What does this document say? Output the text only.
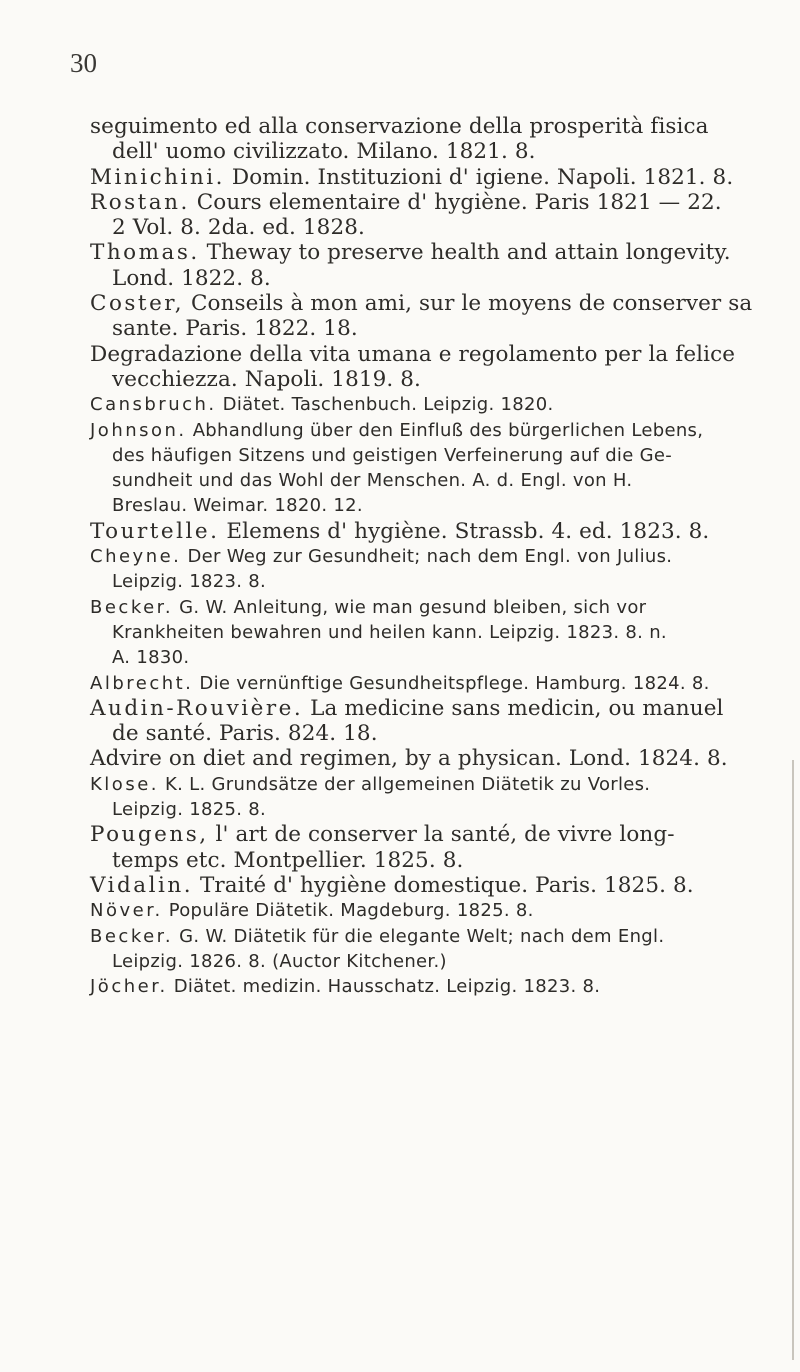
30
seguimento ed alla conservazione della prosperità fisica
dell' uomo civilizzato. Milano. 1821. 8.
Minichini. Domin. Instituzioni d' igiene. Napoli. 1821. 8.
Rostan. Cours elementaire d' hygiène. Paris 1821 — 22.
2 Vol. 8. 2da. ed. 1828.
Thomas. Theway to preserve health and attain longevity.
Lond. 1822. 8.
Coster, Conseils à mon ami, sur le moyens de conserver sa
sante. Paris. 1822. 18.
Degradazione della vita umana e regolamento per la felice
vecchiezza. Napoli. 1819. 8.
Cansbruch. Diätet. Taschenbuch. Leipzig. 1820.
Johnson. Abhandlung über den Einfluß des bürgerlichen Lebens,
des häufigen Sitzens und geistigen Verfeinerung auf die Ge-
sundheit und das Wohl der Menschen. A. d. Engl. von H.
Breslau. Weimar. 1820. 12.
Tourtelle. Elemens d' hygiène. Strassb. 4. ed. 1823. 8.
Cheyne. Der Weg zur Gesundheit; nach dem Engl. von Julius.
Leipzig. 1823. 8.
Becker. G. W. Anleitung, wie man gesund bleiben, sich vor
Krankheiten bewahren und heilen kann. Leipzig. 1823. 8. n.
A. 1830.
Albrecht. Die vernünftige Gesundheitspflege. Hamburg. 1824. 8.
Audin-Rouvière. La medicine sans medicin, ou manuel
de santé. Paris. 824. 18.
Advire on diet and regimen, by a physican. Lond. 1824. 8.
Klose. K. L. Grundsätze der allgemeinen Diätetik zu Vorles.
Leipzig. 1825. 8.
Pougens, l' art de conserver la santé, de vivre long-
temps etc. Montpellier. 1825. 8.
Vidalin. Traité d' hygiène domestique. Paris. 1825. 8.
Növer. Populäre Diätetik. Magdeburg. 1825. 8.
Becker. G. W. Diätetik für die elegante Welt; nach dem Engl.
Leipzig. 1826. 8. (Auctor Kitchener.)
Jöcher. Diätet. medizin. Hausschatz. Leipzig. 1823. 8.
